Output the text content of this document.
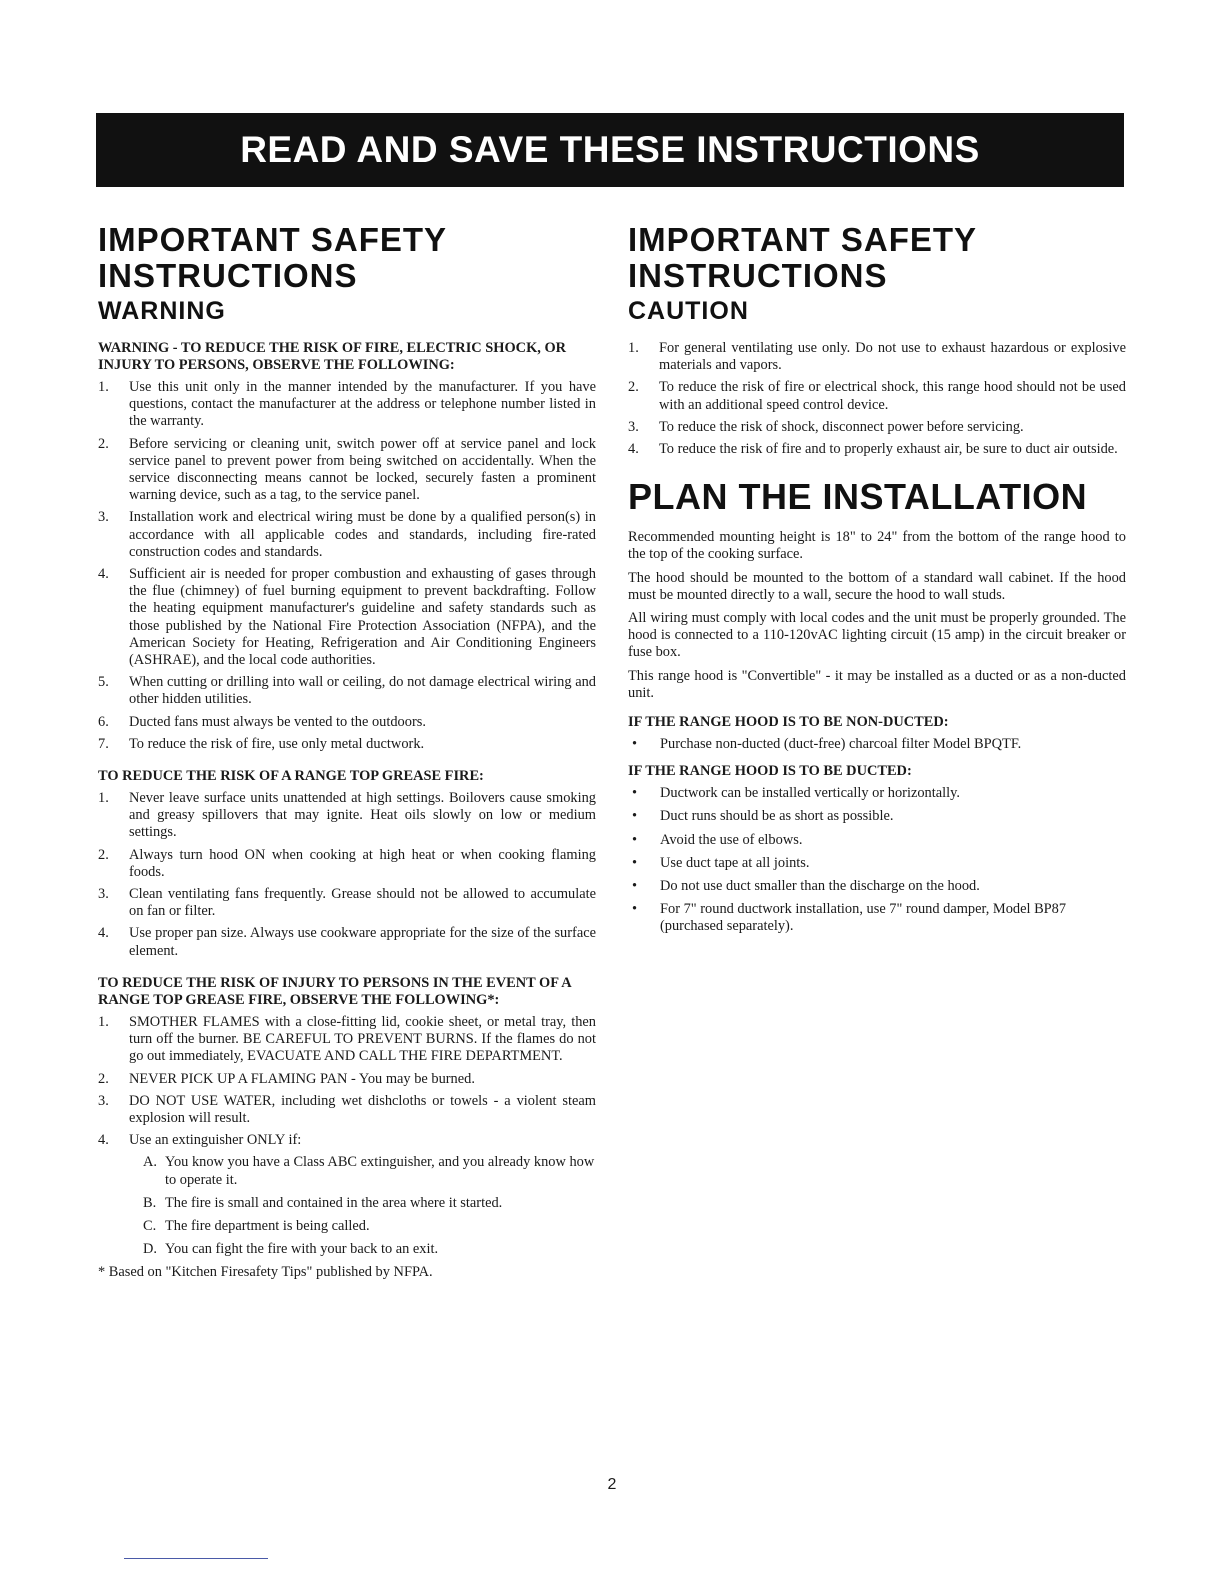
READ AND SAVE THESE INSTRUCTIONS
IMPORTANT SAFETY
INSTRUCTIONS
WARNING
WARNING - TO REDUCE THE RISK OF FIRE, ELECTRIC SHOCK, OR INJURY TO PERSONS, OBSERVE THE FOLLOWING:
1.	Use this unit only in the manner intended by the manufacturer. If you have questions, contact the manufacturer at the address or telephone number listed in the warranty.
2.	Before servicing or cleaning unit, switch power off at service panel and lock service panel to prevent power from being switched on accidentally. When the service disconnecting means cannot be locked, securely fasten a prominent warning device, such as a tag, to the service panel.
3.	Installation work and electrical wiring must be done by a qualified person(s) in accordance with all applicable codes and standards, including fire-rated construction codes and standards.
4.	Sufficient air is needed for proper combustion and exhausting of gases through the flue (chimney) of fuel burning equipment to prevent backdrafting. Follow the heating equipment manufacturer's guideline and safety standards such as those published by the National Fire Protection Association (NFPA), and the American Society for Heating, Refrigeration and Air Conditioning Engineers (ASHRAE), and the local code authorities.
5.	When cutting or drilling into wall or ceiling, do not damage electrical wiring and other hidden utilities.
6.	Ducted fans must always be vented to the outdoors.
7.	To reduce the risk of fire, use only metal ductwork.
TO REDUCE THE RISK OF A RANGE TOP GREASE FIRE:
1.	Never leave surface units unattended at high settings. Boilovers cause smoking and greasy spillovers that may ignite. Heat oils slowly on low or medium settings.
2.	Always turn hood ON when cooking at high heat or when cooking flaming foods.
3.	Clean ventilating fans frequently. Grease should not be allowed to accumulate on fan or filter.
4.	Use proper pan size. Always use cookware appropriate for the size of the surface element.
TO REDUCE THE RISK OF INJURY TO PERSONS IN THE EVENT OF A RANGE TOP GREASE FIRE, OBSERVE THE FOLLOWING*:
1.	SMOTHER FLAMES with a close-fitting lid, cookie sheet, or metal tray, then turn off the burner. BE CAREFUL TO PREVENT BURNS. If the flames do not go out immediately, EVACUATE AND CALL THE FIRE DEPARTMENT.
2.	NEVER PICK UP A FLAMING PAN - You may be burned.
3.	DO NOT USE WATER, including wet dishcloths or towels - a violent steam explosion will result.
4.	Use an extinguisher ONLY if:
A. You know you have a Class ABC extinguisher, and you already know how to operate it.
B. The fire is small and contained in the area where it started.
C. The fire department is being called.
D. You can fight the fire with your back to an exit.
* Based on "Kitchen Firesafety Tips" published by NFPA.
IMPORTANT SAFETY
INSTRUCTIONS
CAUTION
1.	For general ventilating use only. Do not use to exhaust hazardous or explosive materials and vapors.
2.	To reduce the risk of fire or electrical shock, this range hood should not be used with an additional speed control device.
3.	To reduce the risk of shock, disconnect power before servicing.
4.	To reduce the risk of fire and to properly exhaust air, be sure to duct air outside.
PLAN THE INSTALLATION

Recommended mounting height is 18" to 24" from the bottom of the range hood to the top of the cooking surface.

The hood should be mounted to the bottom of a standard wall cabinet. If the hood must be mounted directly to a wall, secure the hood to wall studs.

All wiring must comply with local codes and the unit must be properly grounded. The hood is connected to a 110-120vAC lighting circuit (15 amp) in the circuit breaker or fuse box.

This range hood is "Convertible" - it may be installed as a ducted or as a non-ducted unit.

IF THE RANGE HOOD IS TO BE NON-DUCTED:
•	Purchase non-ducted (duct-free) charcoal filter Model BPQTF.
IF THE RANGE HOOD IS TO BE DUCTED:
•	Ductwork can be installed vertically or horizontally.
•	Duct runs should be as short as possible.
•	Avoid the use of elbows.
•	Use duct tape at all joints.
•	Do not use duct smaller than the discharge on the hood.
•	For 7" round ductwork installation, use 7" round damper, Model BP87 (purchased separately).
2
